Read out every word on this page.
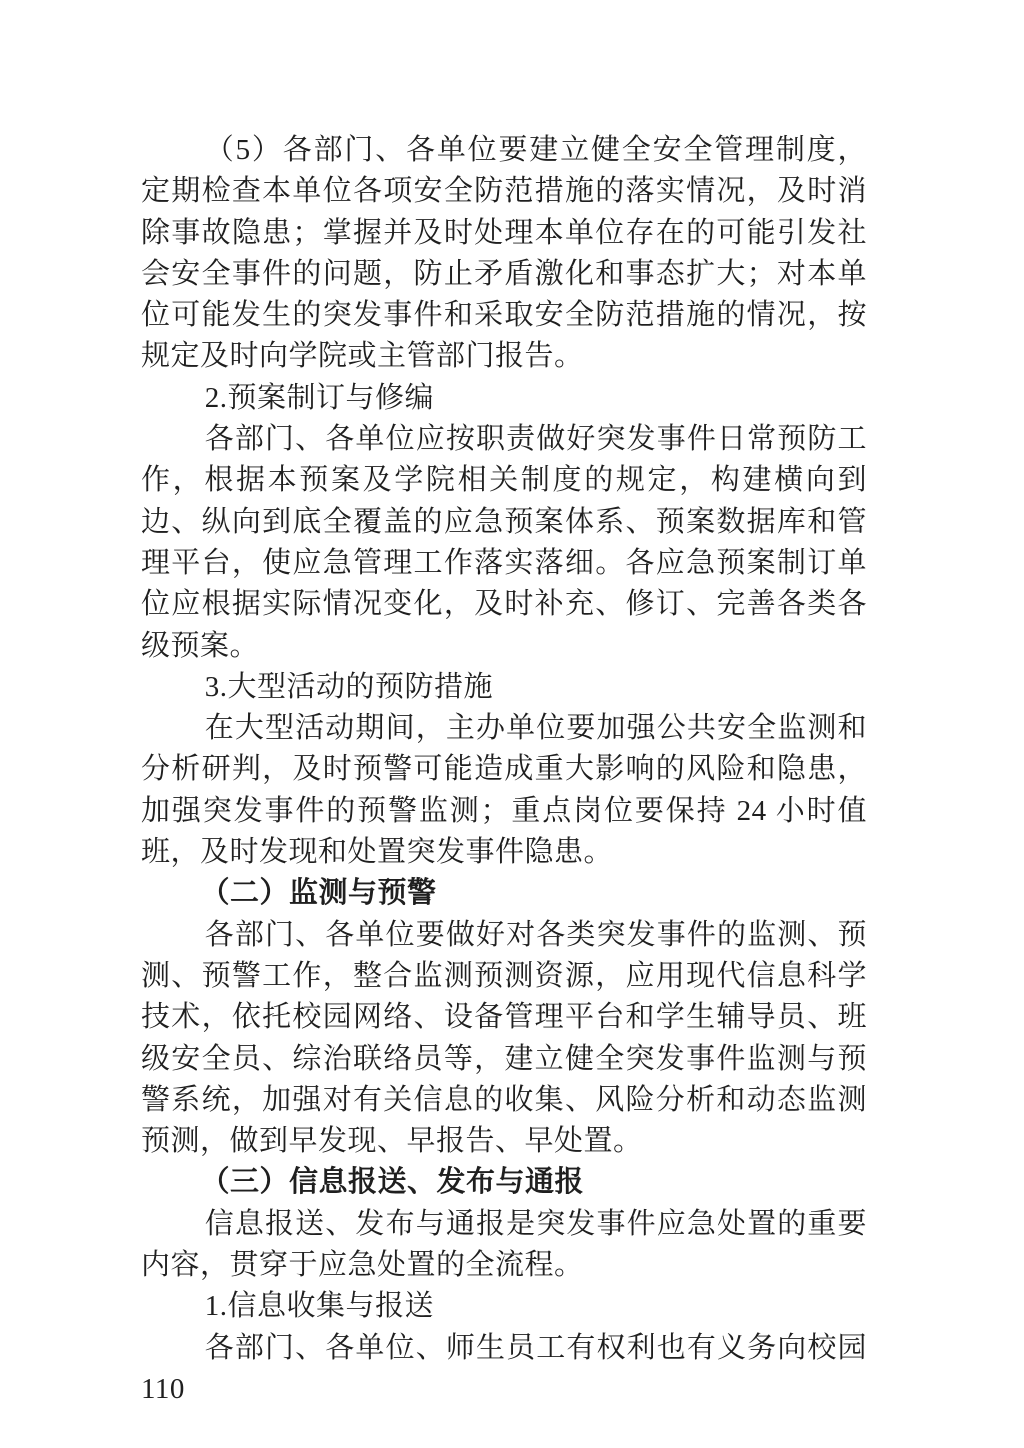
（5）各部门、各单位要建立健全安全管理制度，定期检查本单位各项安全防范措施的落实情况，及时消除事故隐患；掌握并及时处理本单位存在的可能引发社会安全事件的问题，防止矛盾激化和事态扩大；对本单位可能发生的突发事件和采取安全防范措施的情况，按规定及时向学院或主管部门报告。

2.预案制订与修编

各部门、各单位应按职责做好突发事件日常预防工作，根据本预案及学院相关制度的规定，构建横向到边、纵向到底全覆盖的应急预案体系、预案数据库和管理平台，使应急管理工作落实落细。各应急预案制订单位应根据实际情况变化，及时补充、修订、完善各类各级预案。

3.大型活动的预防措施

在大型活动期间，主办单位要加强公共安全监测和分析研判，及时预警可能造成重大影响的风险和隐患，加强突发事件的预警监测；重点岗位要保持 24 小时值班，及时发现和处置突发事件隐患。

（二）监测与预警

各部门、各单位要做好对各类突发事件的监测、预测、预警工作，整合监测预测资源，应用现代信息科学技术，依托校园网络、设备管理平台和学生辅导员、班级安全员、综治联络员等，建立健全突发事件监测与预警系统，加强对有关信息的收集、风险分析和动态监测预测，做到早发现、早报告、早处置。

（三）信息报送、发布与通报

信息报送、发布与通报是突发事件应急处置的重要内容，贯穿于应急处置的全流程。

1.信息收集与报送

各部门、各单位、师生员工有权利也有义务向校园 110
